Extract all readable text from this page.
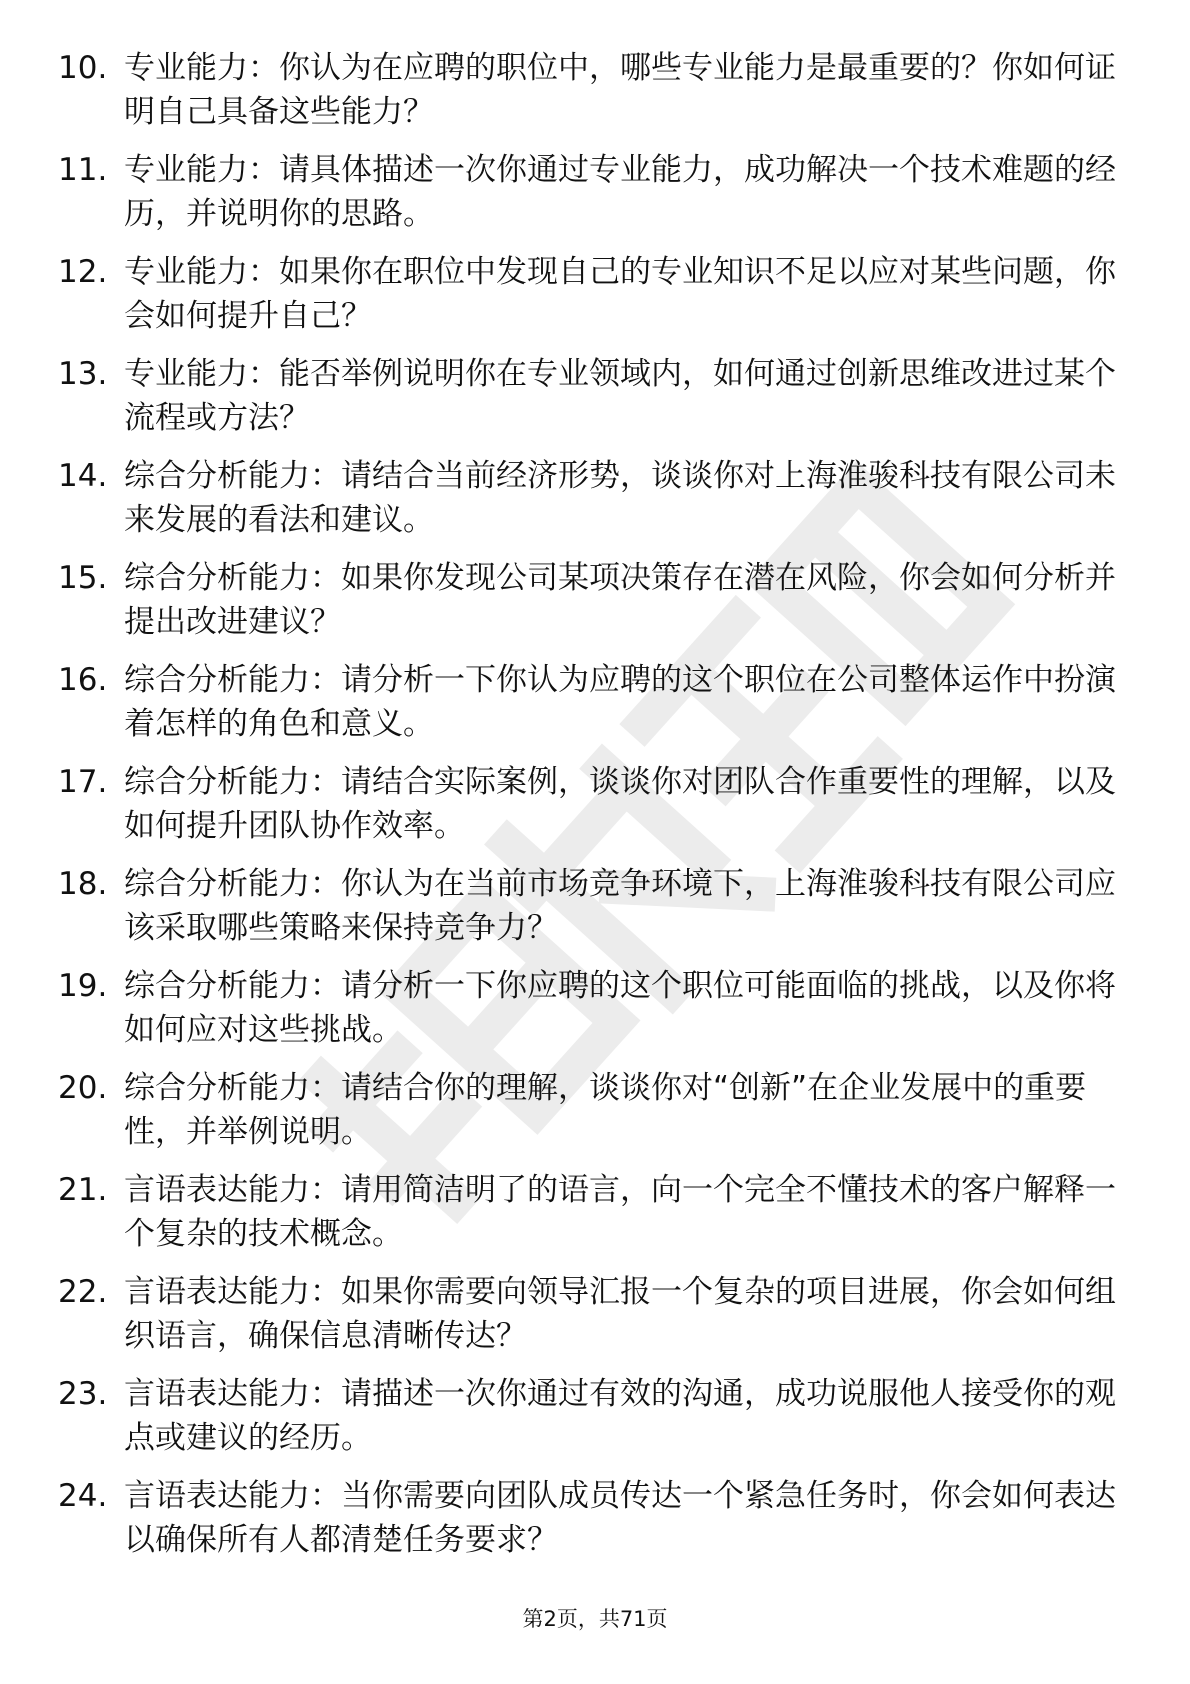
10. 专业能力：你认为在应聘的职位中，哪些专业能力是最重要的？你如何证明自己具备这些能力？
11. 专业能力：请具体描述一次你通过专业能力，成功解决一个技术难题的经历，并说明你的思路。
12. 专业能力：如果你在职位中发现自己的专业知识不足以应对某些问题，你会如何提升自己？
13. 专业能力：能否举例说明你在专业领域内，如何通过创新思维改进过某个流程或方法？
14. 综合分析能力：请结合当前经济形势，谈谈你对上海淮骏科技有限公司未来发展的看法和建议。
15. 综合分析能力：如果你发现公司某项决策存在潜在风险，你会如何分析并提出改进建议？
16. 综合分析能力：请分析一下你认为应聘的这个职位在公司整体运作中扮演着怎样的角色和意义。
17. 综合分析能力：请结合实际案例，谈谈你对团队合作重要性的理解，以及如何提升团队协作效率。
18. 综合分析能力：你认为在当前市场竞争环境下，上海淮骏科技有限公司应该采取哪些策略来保持竞争力？
19. 综合分析能力：请分析一下你应聘的这个职位可能面临的挑战，以及你将如何应对这些挑战。
20. 综合分析能力：请结合你的理解，谈谈你对“创新”在企业发展中的重要性，并举例说明。
21. 言语表达能力：请用简洁明了的语言，向一个完全不懂技术的客户解释一个复杂的技术概念。
22. 言语表达能力：如果你需要向领导汇报一个复杂的项目进展，你会如何组织语言，确保信息清晰传达？
23. 言语表达能力：请描述一次你通过有效的沟通，成功说服他人接受你的观点或建议的经历。
24. 言语表达能力：当你需要向团队成员传达一个紧急任务时，你会如何表达以确保所有人都清楚任务要求？
第2页，共71页
